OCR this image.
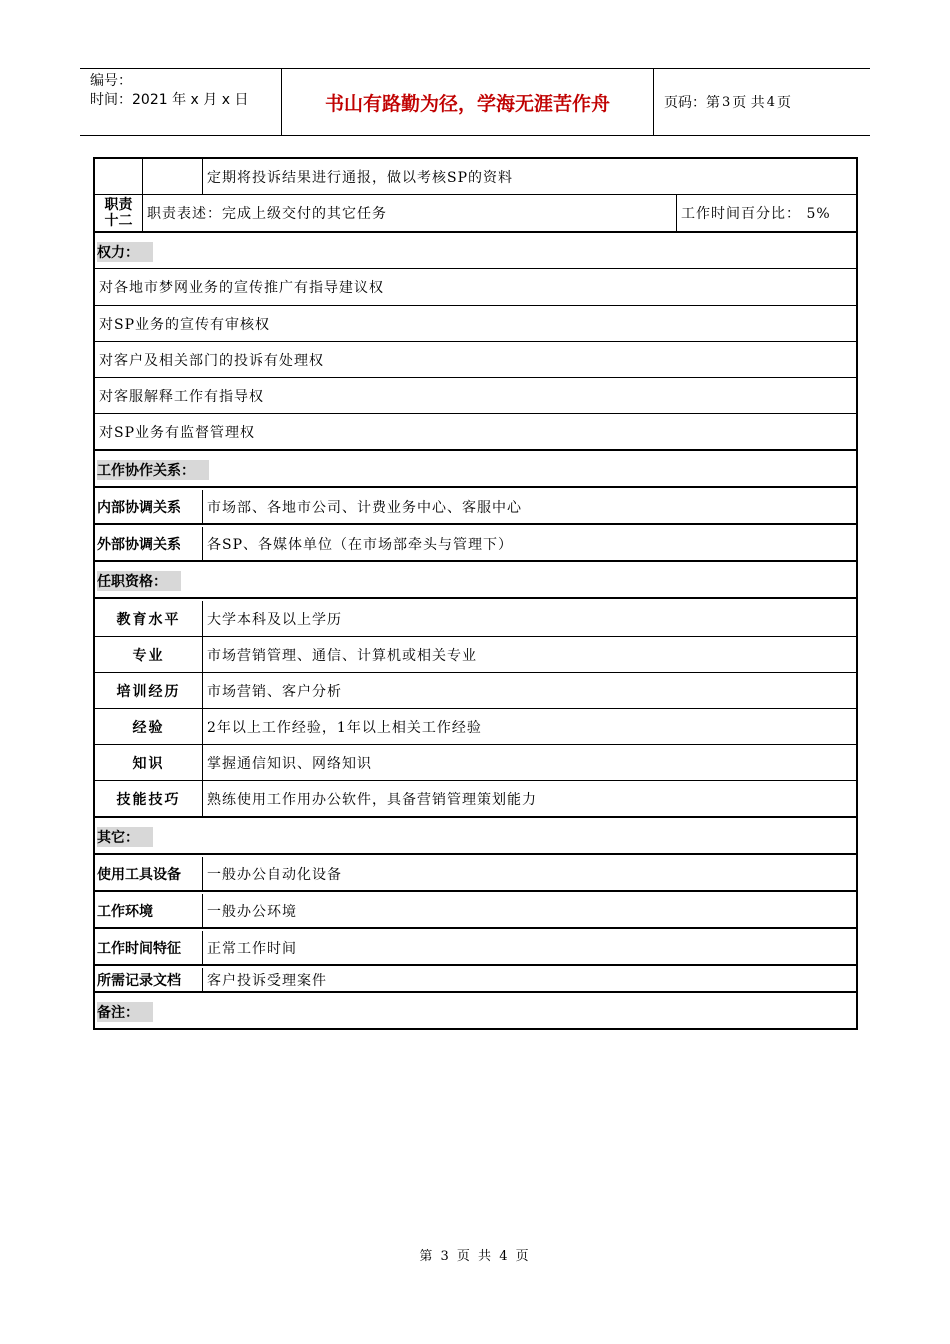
编号：
时间：2021 年 x 月 x 日	书山有路勤为径，学海无涯苦作舟	页码：第 3 页 共 4 页
定期将投诉结果进行通报，做以考核SP的资料
职责
十二 职责表述：完成上级交付的其它任务	工作时间百分比： 5%
权力：
对各地市梦网业务的宣传推广有指导建议权
对SP业务的宣传有审核权
对客户及相关部门的投诉有处理权
对客服解释工作有指导权
对SP业务有监督管理权
工作协作关系：
内部协调关系	市场部、各地市公司、计费业务中心、客服中心
外部协调关系	各SP、各媒体单位（在市场部牵头与管理下）
任职资格：
教育水平	大学本科及以上学历
专业	市场营销管理、通信、计算机或相关专业
培训经历	市场营销、客户分析
经验	2年以上工作经验，1年以上相关工作经验
知识	掌握通信知识、网络知识
技能技巧	熟练使用工作用办公软件，具备营销管理策划能力
其它：
使用工具设备	一般办公自动化设备
工作环境	一般办公环境
工作时间特征	正常工作时间
所需记录文档	客户投诉受理案件
备注：
第 3 页 共 4 页
